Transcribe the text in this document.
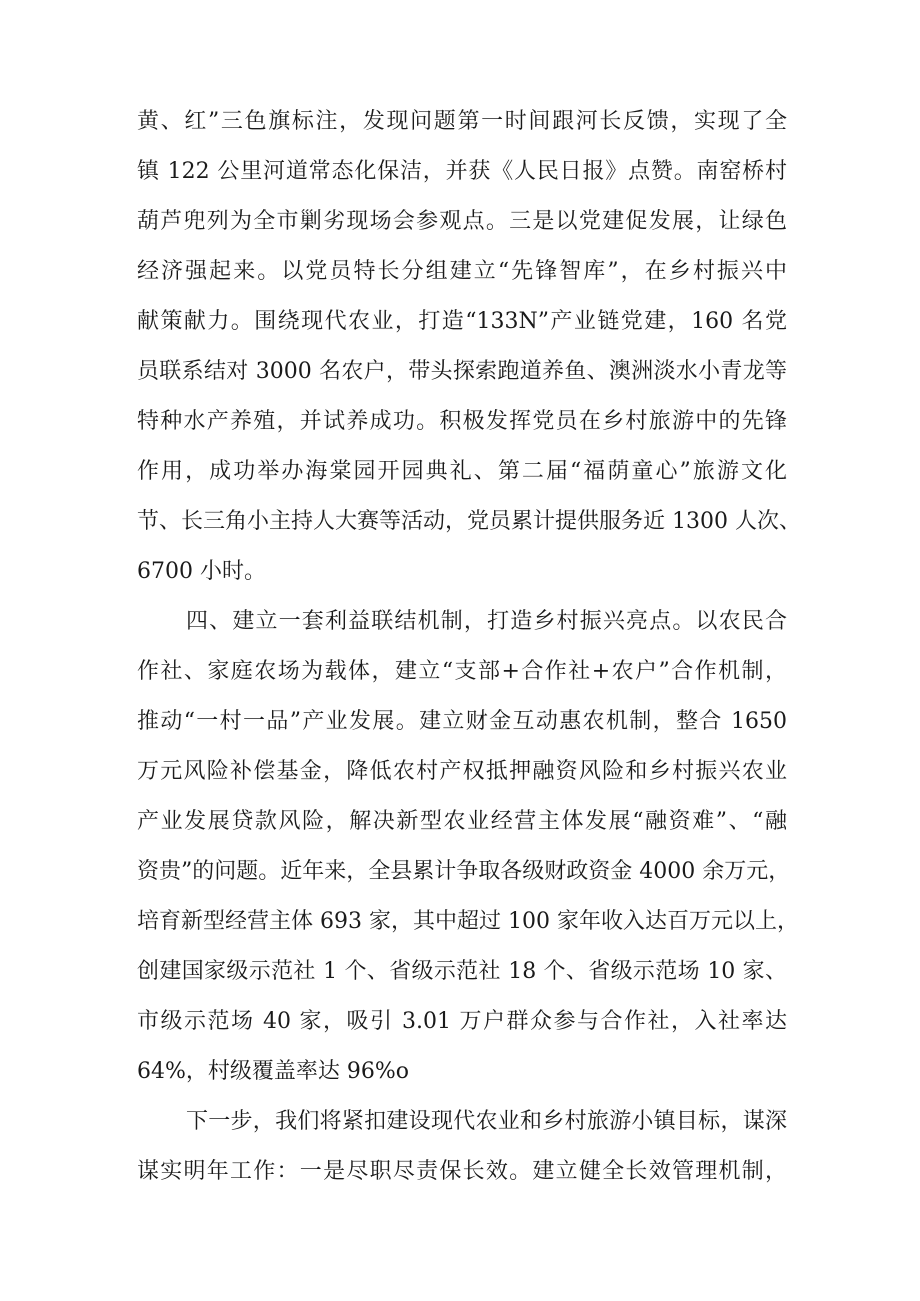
黄、红”三色旗标注，发现问题第一时间跟河长反馈，实现了全
镇 122 公里河道常态化保洁，并获《人民日报》点赞。南窑桥村
葫芦兜列为全市剿劣现场会参观点。三是以党建促发展，让绿色
经济强起来。以党员特长分组建立“先锋智库”，在乡村振兴中
献策献力。围绕现代农业，打造“133N”产业链党建，160 名党
员联系结对 3000 名农户，带头探索跑道养鱼、澳洲淡水小青龙等
特种水产养殖，并试养成功。积极发挥党员在乡村旅游中的先锋
作用，成功举办海棠园开园典礼、第二届“福荫童心”旅游文化
节、长三角小主持人大赛等活动，党员累计提供服务近 1300 人次、
6700 小时。
四、建立一套利益联结机制，打造乡村振兴亮点。以农民合
作社、家庭农场为载体，建立“支部+合作社+农户”合作机制，
推动“一村一品”产业发展。建立财金互动惠农机制，整合 1650
万元风险补偿基金，降低农村产权抵押融资风险和乡村振兴农业
产业发展贷款风险，解决新型农业经营主体发展“融资难”、“融
资贵”的问题。近年来，全县累计争取各级财政资金 4000 余万元，
培育新型经营主体 693 家，其中超过 100 家年收入达百万元以上，
创建国家级示范社 1 个、省级示范社 18 个、省级示范场 10 家、
市级示范场 40 家，吸引 3.01 万户群众参与合作社，入社率达
64%，村级覆盖率达 96%o
下一步，我们将紧扣建设现代农业和乡村旅游小镇目标，谋深
谋实明年工作：一是尽职尽责保长效。建立健全长效管理机制，
